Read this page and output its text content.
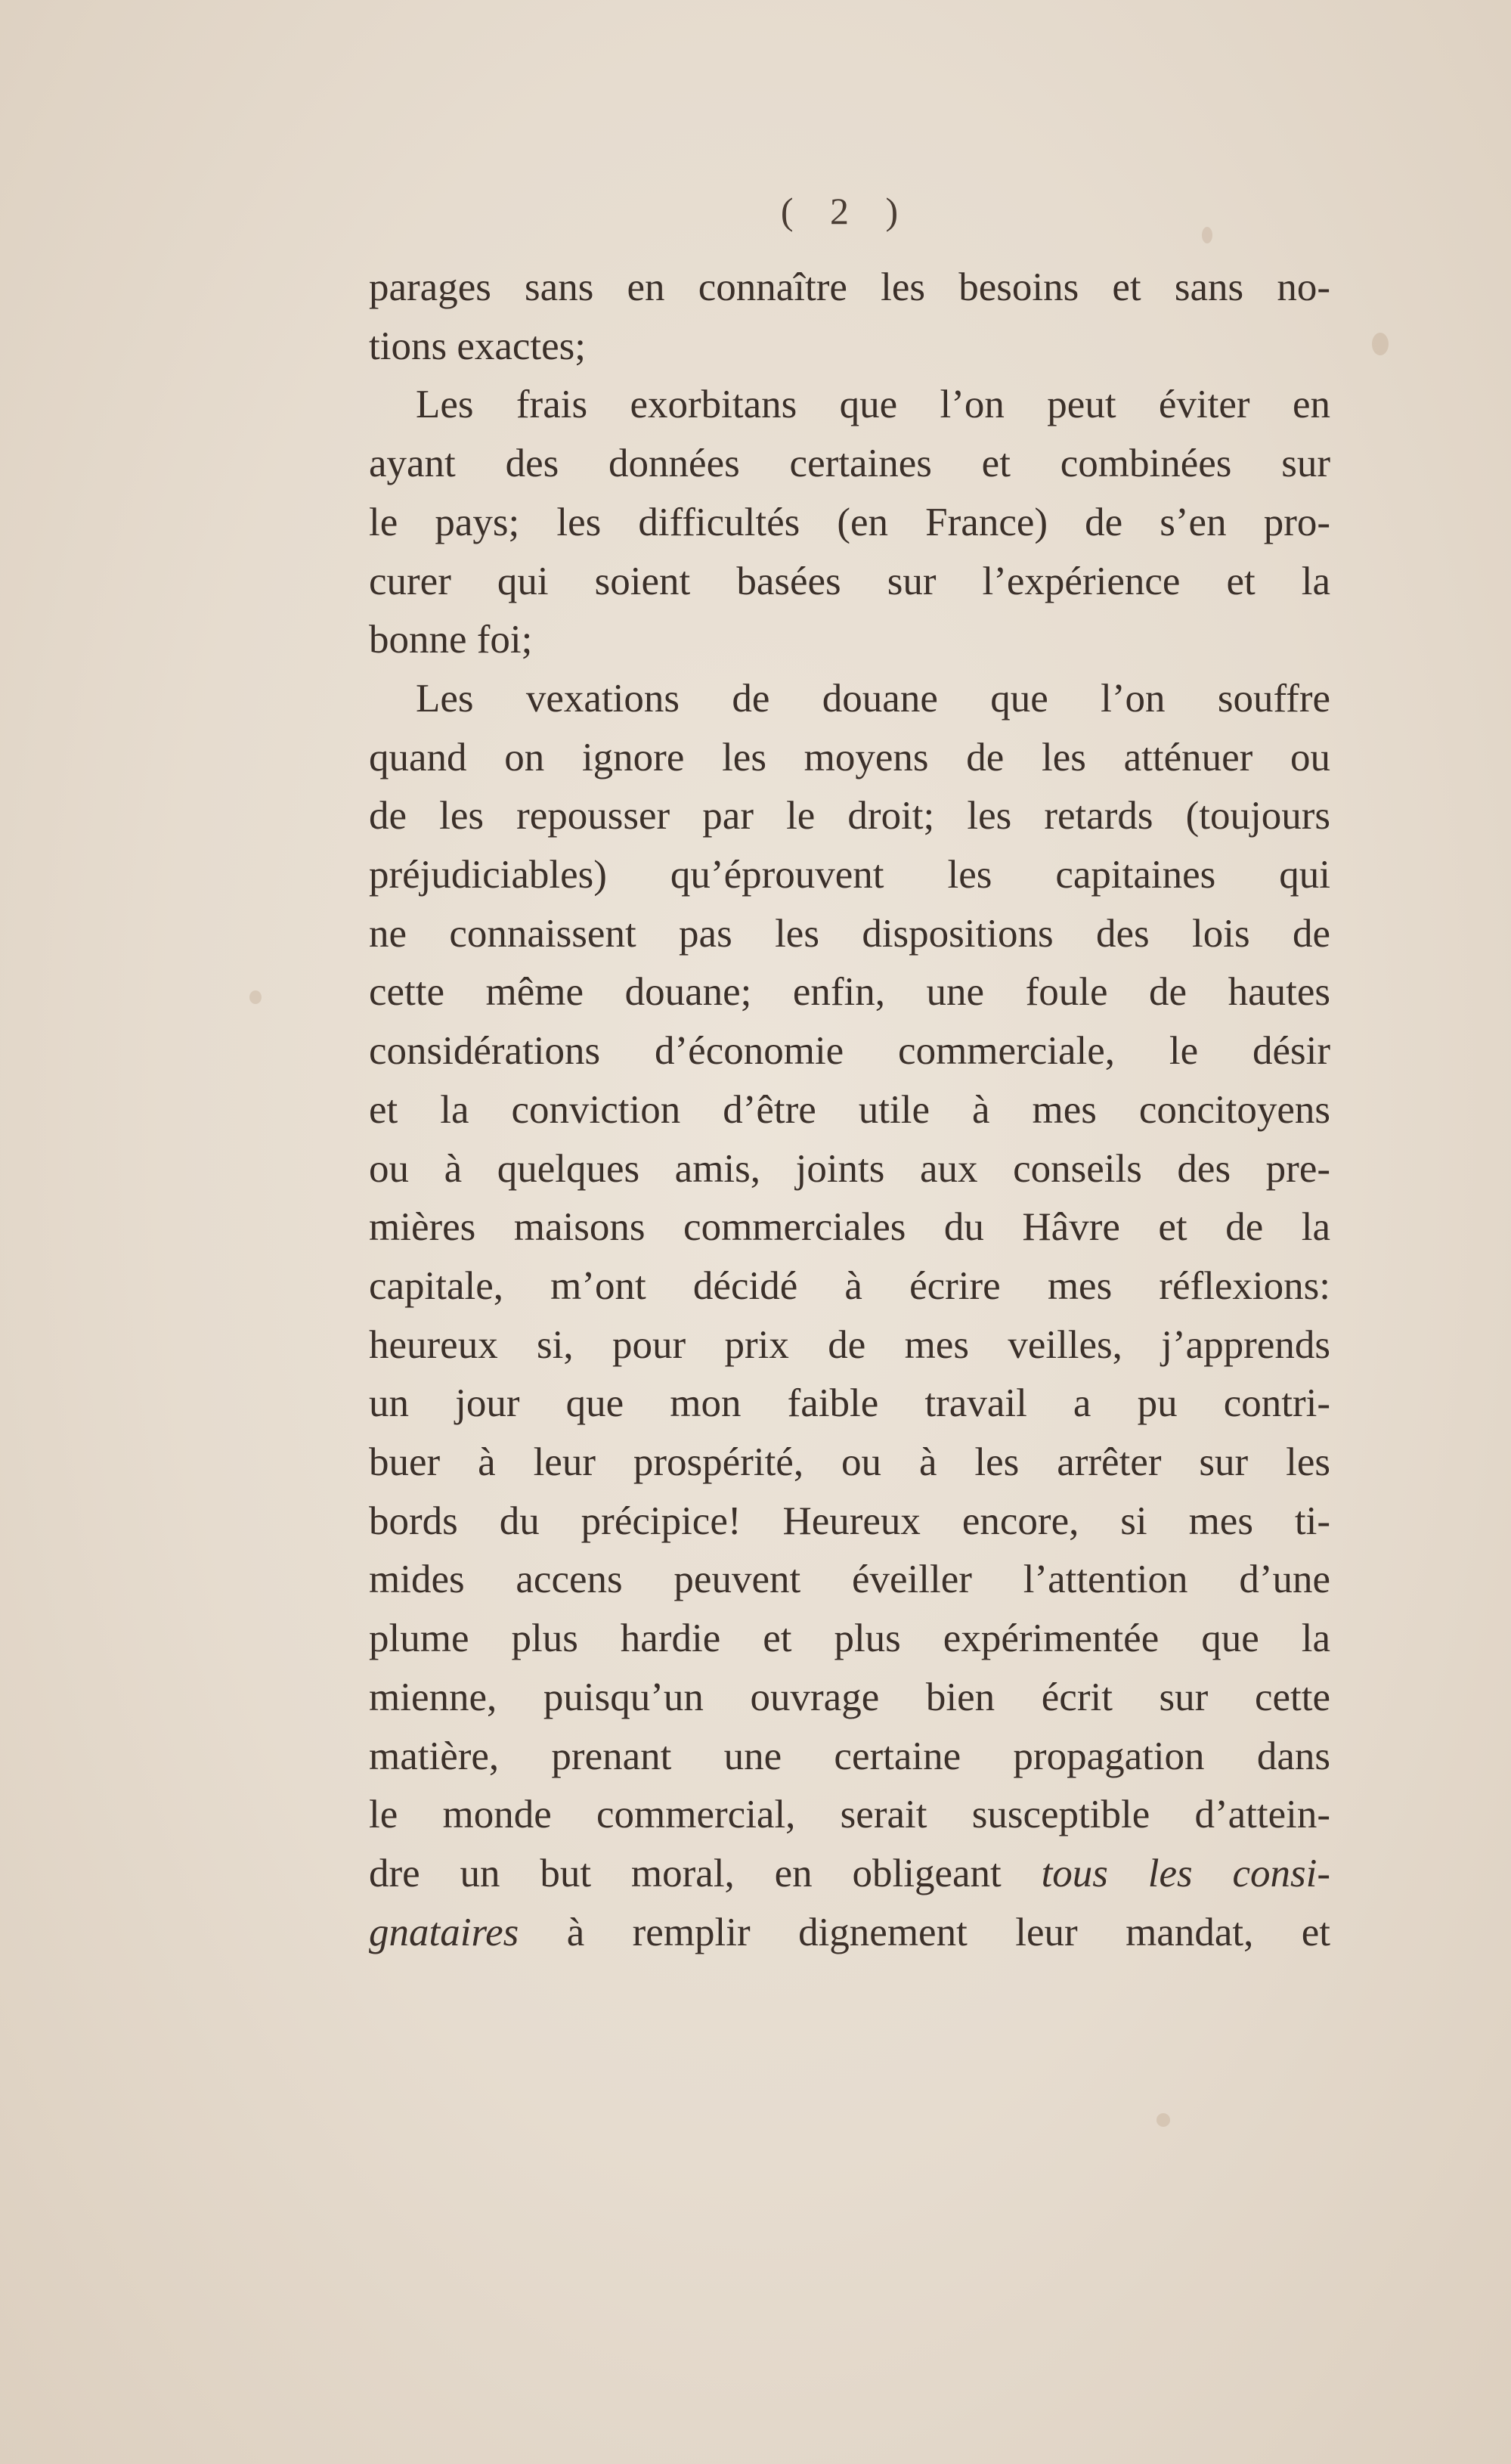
( 2 )
parages sans en connaître les besoins et sans no-
tions exactes;
Les frais exorbitans que l’on peut éviter en
ayant des données certaines et combinées sur
le pays; les difficultés (en France) de s’en pro-
curer qui soient basées sur l’expérience et la
bonne foi;
Les vexations de douane que l’on souffre
quand on ignore les moyens de les atténuer ou
de les repousser par le droit; les retards (toujours
préjudiciables) qu’éprouvent les capitaines qui
ne connaissent pas les dispositions des lois de
cette même douane; enfin, une foule de hautes
considérations d’économie commerciale, le désir
et la conviction d’être utile à mes concitoyens
ou à quelques amis, joints aux conseils des pre-
mières maisons commerciales du Hâvre et de la
capitale, m’ont décidé à écrire mes réflexions:
heureux si, pour prix de mes veilles, j’apprends
un jour que mon faible travail a pu contri-
buer à leur prospérité, ou à les arrêter sur les
bords du précipice! Heureux encore, si mes ti-
mides accens peuvent éveiller l’attention d’une
plume plus hardie et plus expérimentée que la
mienne, puisqu’un ouvrage bien écrit sur cette
matière, prenant une certaine propagation dans
le monde commercial, serait susceptible d’attein-
dre un but moral, en obligeant tous les consi-
gnataires à remplir dignement leur mandat, et
